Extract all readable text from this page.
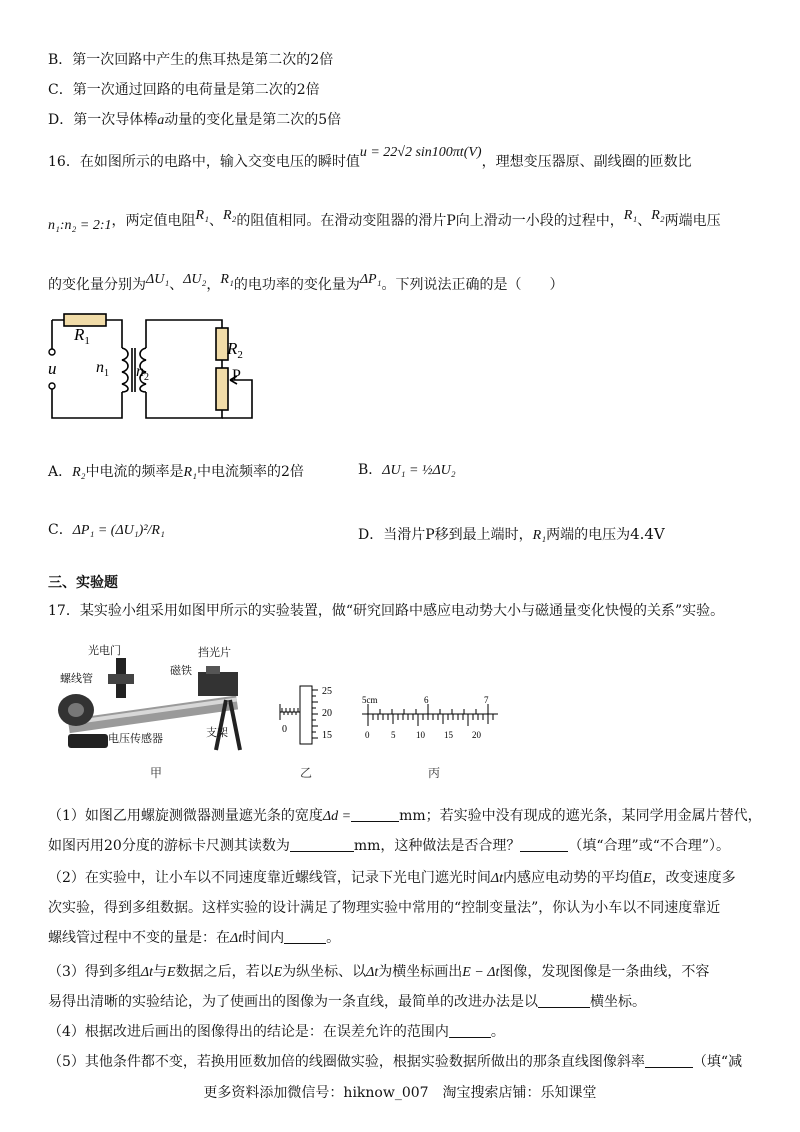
B．第一次回路中产生的焦耳热是第二次的2倍
C．第一次通过回路的电荷量是第二次的2倍
D．第一次导体棒a动量的变化量是第二次的5倍
16．在如图所示的电路中，输入交变电压的瞬时值u = 22√2 sin100πt(V)，理想变压器原、副线圈的匝数比
n₁:n₂ = 2:1，两定值电阻R₁、R₂的阻值相同。在滑动变阻器的滑片P向上滑动一小段的过程中，R₁、R₂两端电压
的变化量分别为ΔU₁、ΔU₂，R₁的电功率的变化量为ΔP₁。下列说法正确的是（　　）
$R_1$
u $n_1$ $n_2$
$R_2$
P
A．R₂中电流的频率是R₁中电流频率的2倍	B．ΔU₁ = ½ΔU₂
C．ΔP₁ = (ΔU₁)²/R₁	D．当滑片P移到最上端时，R₁两端的电压为4.4V
三、实验题
17．某实验小组采用如图甲所示的实验装置，做“研究回路中感应电动势大小与磁通量变化快慢的关系”实验。
光电门	挡光片
螺线管
磁铁
电压传感器	支架
25
20
15
0
5cm	6	7
0 5 10 15 20
甲	乙	丙
（1）如图乙用螺旋测微器测量遮光条的宽度Δd =	mm；若实验中没有现成的遮光条，某同学用金属片替代，
如图丙用20分度的游标卡尺测其读数为	mm，这种做法是否合理？	（填“合理”或“不合理”）。
（2）在实验中，让小车以不同速度靠近螺线管，记录下光电门遮光时间Δt内感应电动势的平均值E，改变速度多
次实验，得到多组数据。这样实验的设计满足了物理实验中常用的“控制变量法”，你认为小车以不同速度靠近
螺线管过程中不变的量是：在Δt时间内	。
（3）得到多组Δt与E数据之后，若以E为纵坐标、以Δt为横坐标画出E − Δt图像，发现图像是一条曲线，不容
易得出清晰的实验结论，为了使画出的图像为一条直线，最简单的改进办法是以	横坐标。
（4）根据改进后画出的图像得出的结论是：在误差允许的范围内	。
（5）其他条件都不变，若换用匝数加倍的线圈做实验，根据实验数据所做出的那条直线图像斜率	（填“减
更多资料添加微信号：hiknow_007　淘宝搜索店铺：乐知课堂
